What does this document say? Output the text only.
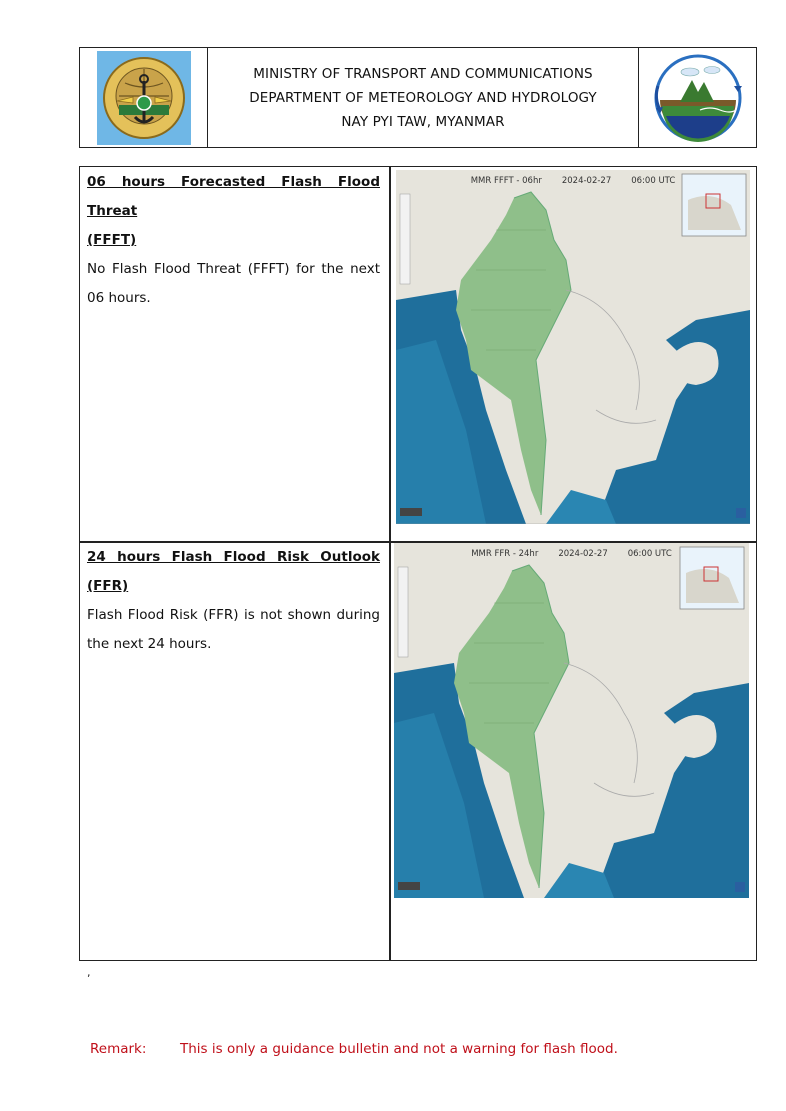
MINISTRY OF TRANSPORT AND COMMUNICATIONS
DEPARTMENT OF METEOROLOGY AND HYDROLOGY
NAY PYI TAW, MYANMAR
06 hours Forecasted Flash Flood Threat
(FFFT)
No Flash Flood Threat (FFFT) for the next 06 hours.
MMR FFFT - 06hr 2024-02-27 06:00 UTC
24 hours Flash Flood Risk Outlook (FFR)
Flash Flood Risk (FFR) is not shown during the next 24 hours.
MMR FFR - 24hr 2024-02-27 06:00 UTC
,
Remark: This is only a guidance bulletin and not a warning for flash flood.
